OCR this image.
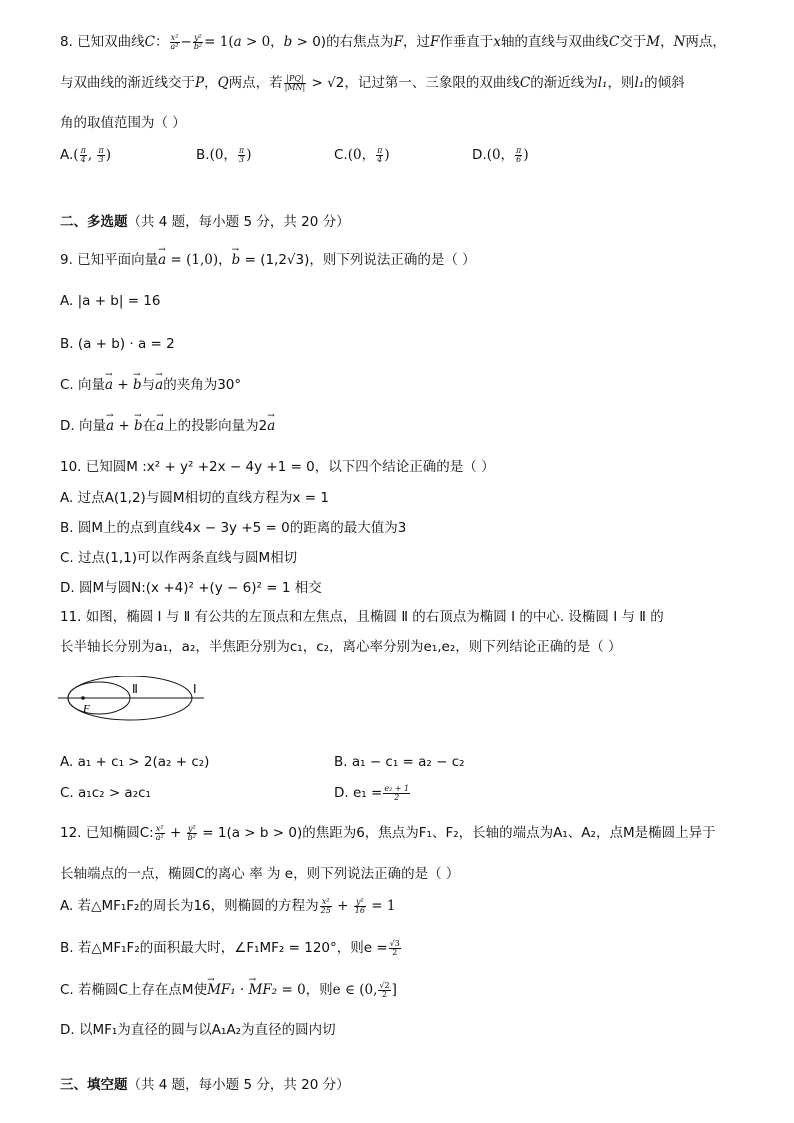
8. 已知双曲线C： $\frac{\text{x²}}{\text{a²}} - \frac{\text{y²}}{\text{b²}} = 1(a > 0$，b > 0)的右焦点为F，过F作垂直于x轴的直线与双曲线C交于M，N两点，
与双曲线的渐近线交于P，Q两点，若 $\frac{|PQ|}{|MN|} > √2$，记过第一、三象限的双曲线C的渐近线为l₁，则l₁的倾斜
角的取值范围为（ ）
$A.( \frac{\pi}{4}$ , $\frac{\pi}{3}$ )	B.(0， $\frac{\pi}{3}$ )	C.(0， $\frac{\pi}{4}$ )	D.(0， $\frac{\pi}{6}$ )
二、多选题（共 4 题，每小题 5 分，共 20 分）
9. 已知平面向量→ a = (1,0)，→ b = (1,2√3)，则下列说法正确的是（ ）
A. |a + b| = 16
B. (a + b) · a = 2
C. 向量→ a + → b与→ a的夹角为30°
D. 向量→ a + → b在→ a上的投影向量为2→ a
10. 已知圆M :x² + y² +2x − 4y +1 = 0，以下四个结论正确的是（ ）
A. 过点A(1,2)与圆M相切的直线方程为x = 1
B. 圆M上的点到直线4x − 3y +5 = 0的距离的最大值为3
C. 过点(1,1)可以作两条直线与圆M相切
D. 圆M与圆N:(x +4)² +(y − 6)² = 1 相交
11. 如图，椭圆 Ⅰ 与 Ⅱ 有公共的左顶点和左焦点，且椭圆 Ⅱ 的右顶点为椭圆 Ⅰ 的中心. 设椭圆 Ⅰ 与 Ⅱ 的
长半轴长分别为a₁，a₂，半焦距分别为c₁，c₂，离心率分别为e₁,e₂，则下列结论正确的是（ ）
Ⅱ	Ⅰ
F
A. a₁ + c₁ > 2(a₂ + c₂)	B. a₁ − c₁ = a₂ − c₂
C. a₁c₂ > a₂c₁	D. $e_1 = \frac{\text{e₂ + 1}}{2}$
12. 已知椭圆C: $\frac{\text{x²}}{\text{a²}} + \frac{\text{y²}}{\text{b²}} = 1(a > b > 0)$的焦距为6，焦点为F₁、F₂，长轴的端点为A₁、A₂，点M是椭圆上异于
长轴端点的一点，椭圆C的离心 率 为 e，则下列说法正确的是（ ）
A. 若△MF₁F₂的周长为16，则椭圆的方程为 $\frac{\text{x²}}{25} + \frac{\text{y²}}{16} = 1$
B. 若△MF₁F₂的面积最大时，∠F₁MF₂ = 120°，则$e = \frac{√3}{2}$
C. 若椭圆C上存在点M使→ MF₁ · → MF₂ = 0，则e ∈ (0, $\frac{√2}{2}$ ]
D. 以MF₁为直径的圆与以A₁A₂为直径的圆内切
三、填空题（共 4 题，每小题 5 分，共 20 分）
